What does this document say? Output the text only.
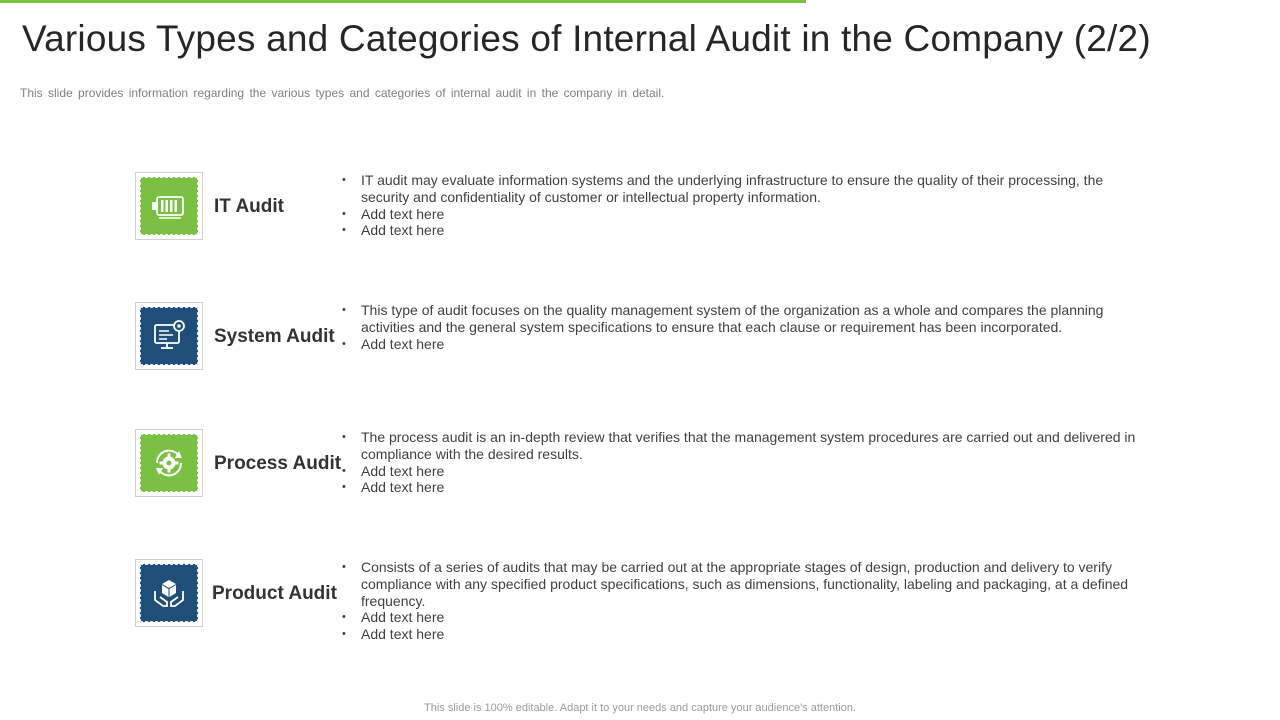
Various Types and Categories of Internal Audit in the Company (2/2)
This slide provides information regarding the various types and categories of internal audit in the company in detail.
IT Audit
• IT audit may evaluate information systems and the underlying infrastructure to ensure the quality of their processing, the security and confidentiality of customer or intellectual property information.
• Add text here
• Add text here
System Audit
• This type of audit focuses on the quality management system of the organization as a whole and compares the planning activities and the general system specifications to ensure that each clause or requirement has been incorporated.
• Add text here
Process Audit
• The process audit is an in-depth review that verifies that the management system procedures are carried out and delivered in compliance with the desired results.
• Add text here
• Add text here
Product Audit
• Consists of a series of audits that may be carried out at the appropriate stages of design, production and delivery to verify compliance with any specified product specifications, such as dimensions, functionality, labeling and packaging, at a defined frequency.
• Add text here
• Add text here
This slide is 100% editable. Adapt it to your needs and capture your audience's attention.
